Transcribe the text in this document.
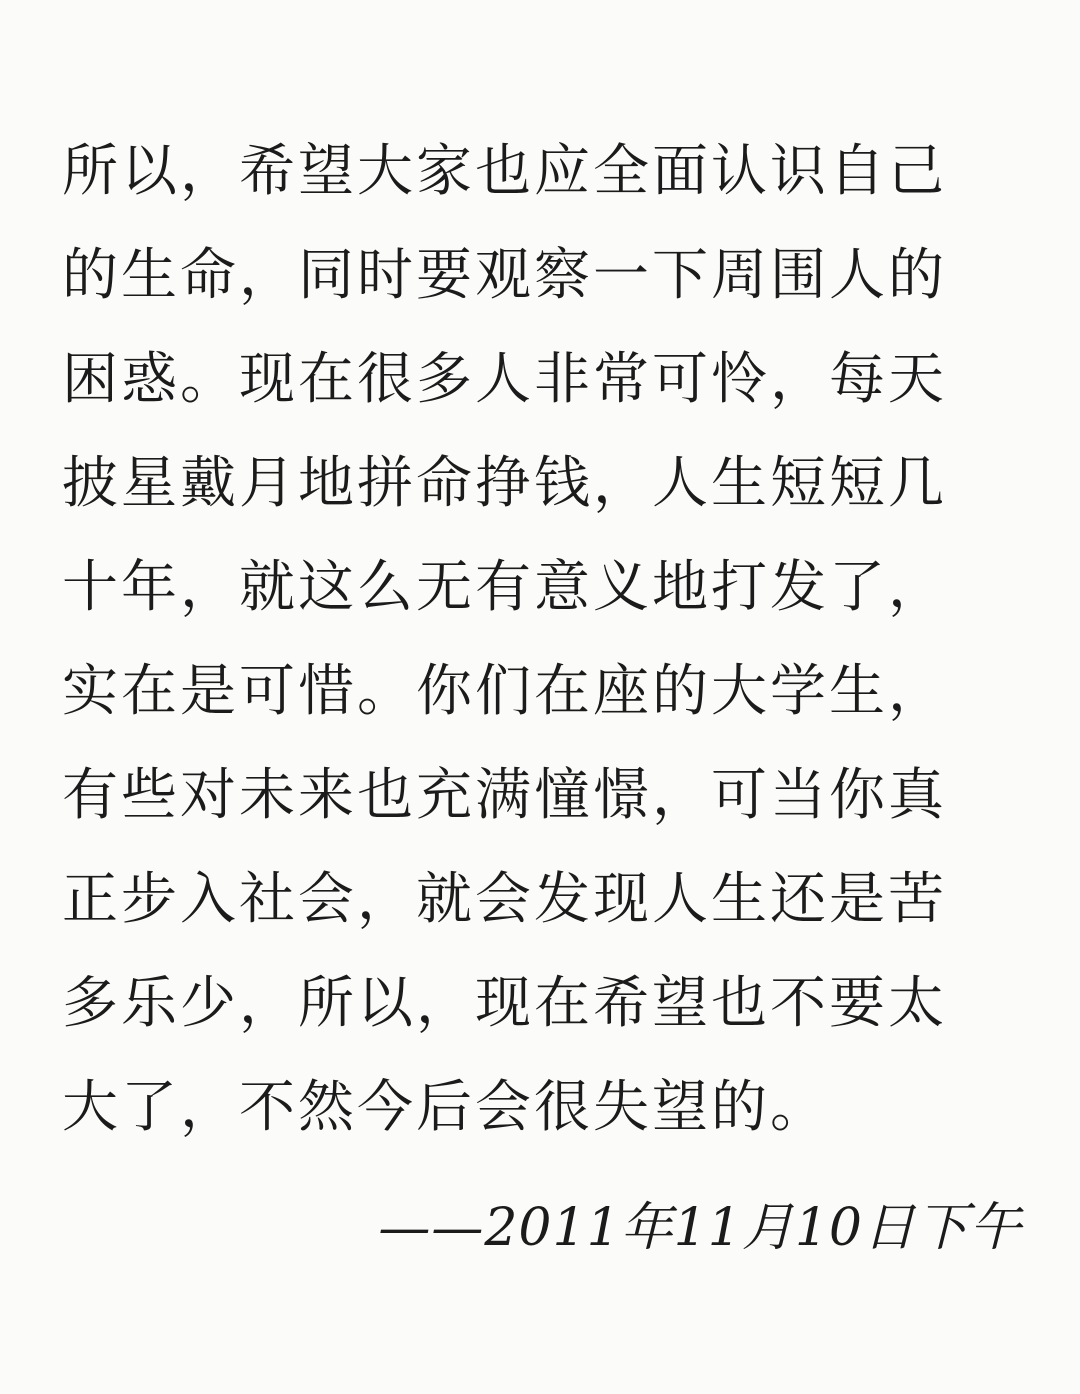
所以，希望大家也应全面认识自己
的生命，同时要观察一下周围人的
困惑。现在很多人非常可怜，每天
披星戴月地拼命挣钱，人生短短几
十年，就这么无有意义地打发了，
实在是可惜。你们在座的大学生，
有些对未来也充满憧憬，可当你真
正步入社会，就会发现人生还是苦
多乐少，所以，现在希望也不要太
大了，不然今后会很失望的。
——2011年11月10日下午
